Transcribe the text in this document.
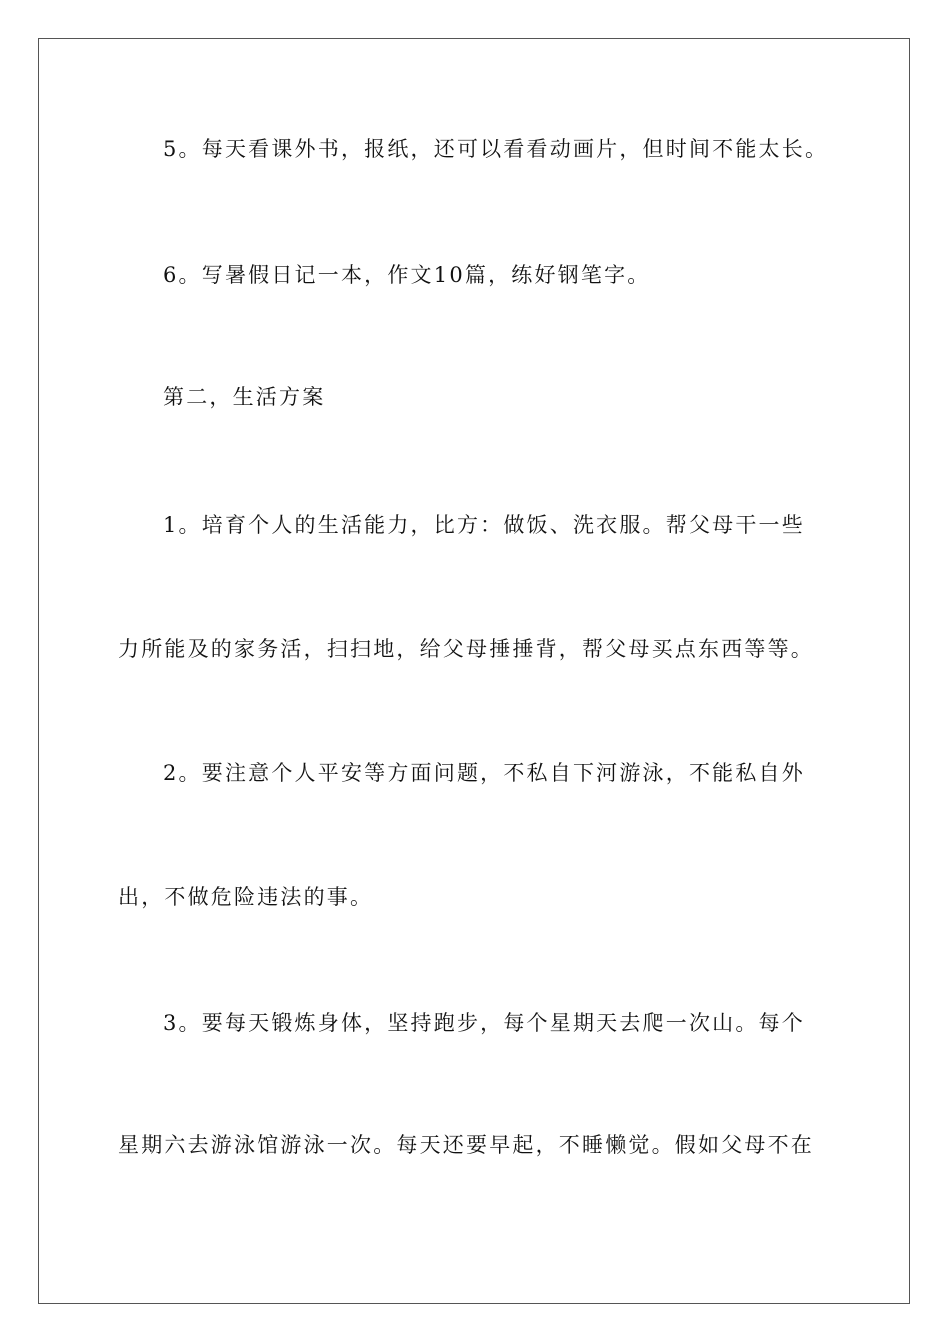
5。每天看课外书，报纸，还可以看看动画片，但时间不能太长。
6。写暑假日记一本，作文10篇，练好钢笔字。
第二，生活方案
1。培育个人的生活能力，比方：做饭、洗衣服。帮父母干一些
力所能及的家务活，扫扫地，给父母捶捶背，帮父母买点东西等等。
2。要注意个人平安等方面问题，不私自下河游泳，不能私自外
出，不做危险违法的事。
3。要每天锻炼身体，坚持跑步，每个星期天去爬一次山。每个
星期六去游泳馆游泳一次。每天还要早起，不睡懒觉。假如父母不在
